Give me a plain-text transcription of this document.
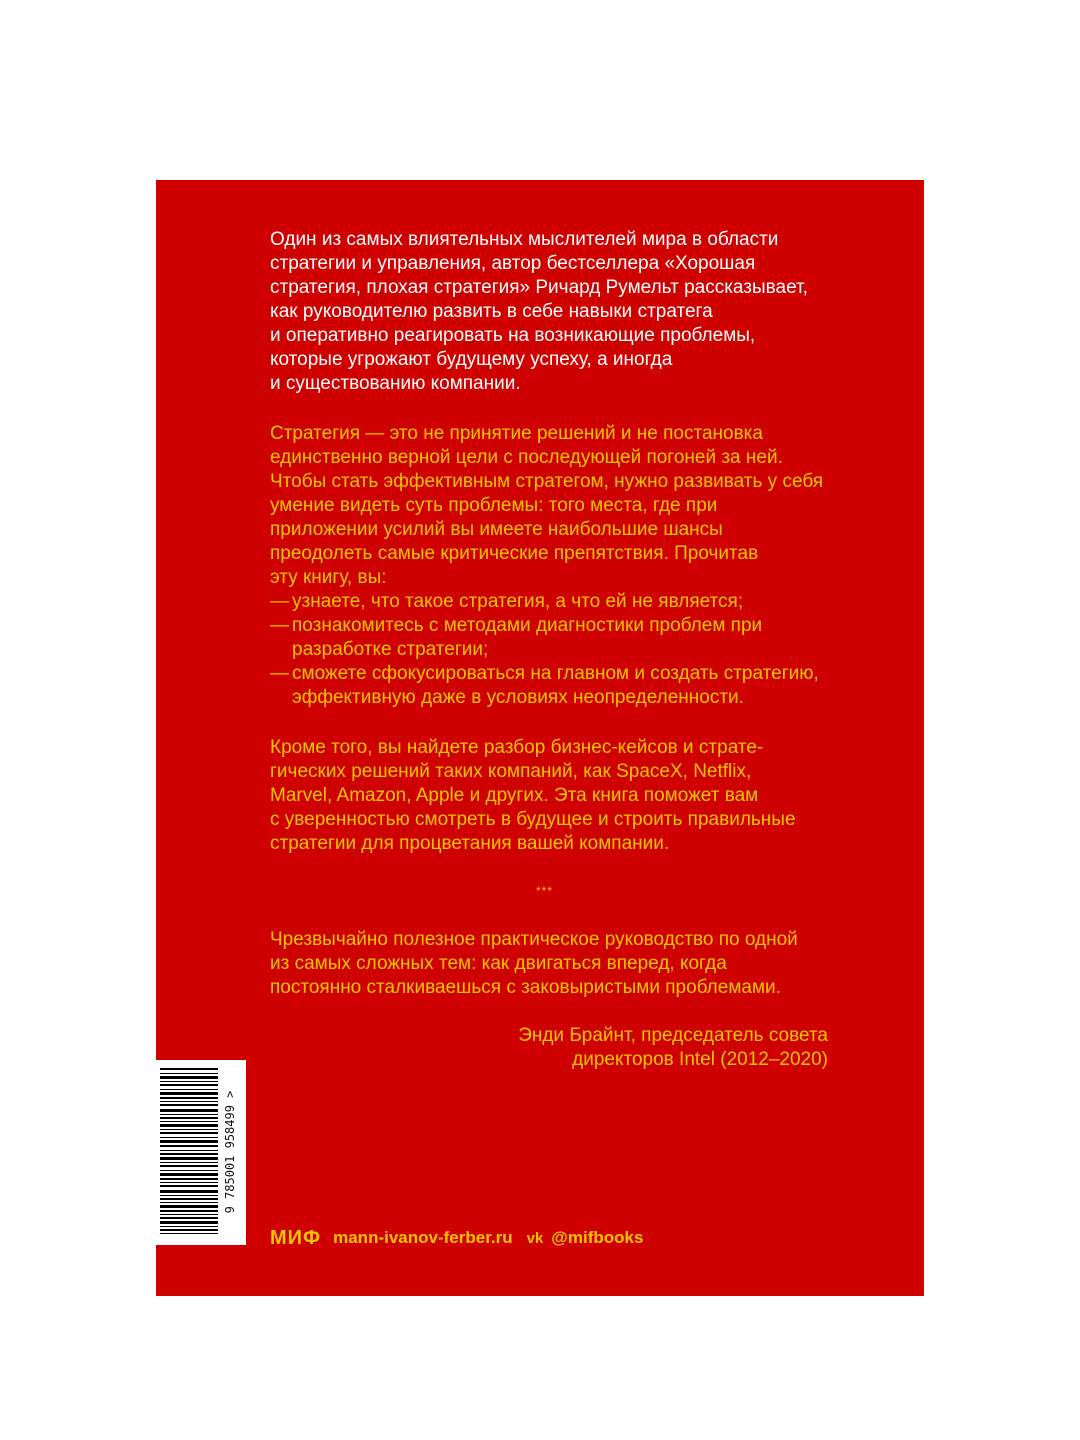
Один из самых влиятельных мыслителей мира в области
стратегии и управления, автор бестселлера «Хорошая
стратегия, плохая стратегия» Ричард Румельт рассказывает,
как руководителю развить в себе навыки стратега
и оперативно реагировать на возникающие проблемы,
которые угрожают будущему успеху, а иногда
и существованию компании.

Стратегия — это не принятие решений и не постановка
единственно верной цели с последующей погоней за ней.
Чтобы стать эффективным стратегом, нужно развивать у себя
умение видеть суть проблемы: того места, где при
приложении усилий вы имеете наибольшие шансы
преодолеть самые критические препятствия. Прочитав
эту книгу, вы:

— узнаете, что такое стратегия, а что ей не является;
— познакомитесь с методами диагностики проблем при
разработке стратегии;
— сможете сфокусироваться на главном и создать стратегию,
эффективную даже в условиях неопределенности.

Кроме того, вы найдете разбор бизнес-кейсов и страте-
гических решений таких компаний, как SpaceX, Netflix,
Marvel, Amazon, Apple и других. Эта книга поможет вам
с уверенностью смотреть в будущее и строить правильные
стратегии для процветания вашей компании.

***

Чрезвычайно полезное практическое руководство по одной
из самых сложных тем: как двигаться вперед, когда
постоянно сталкиваешься с заковыристыми проблемами.

Энди Брайнт, председатель совета
директоров Intel (2012–2020)

9 785001 958499 >
МИФ mann-ivanov-ferber.ru vk @mifbooks
